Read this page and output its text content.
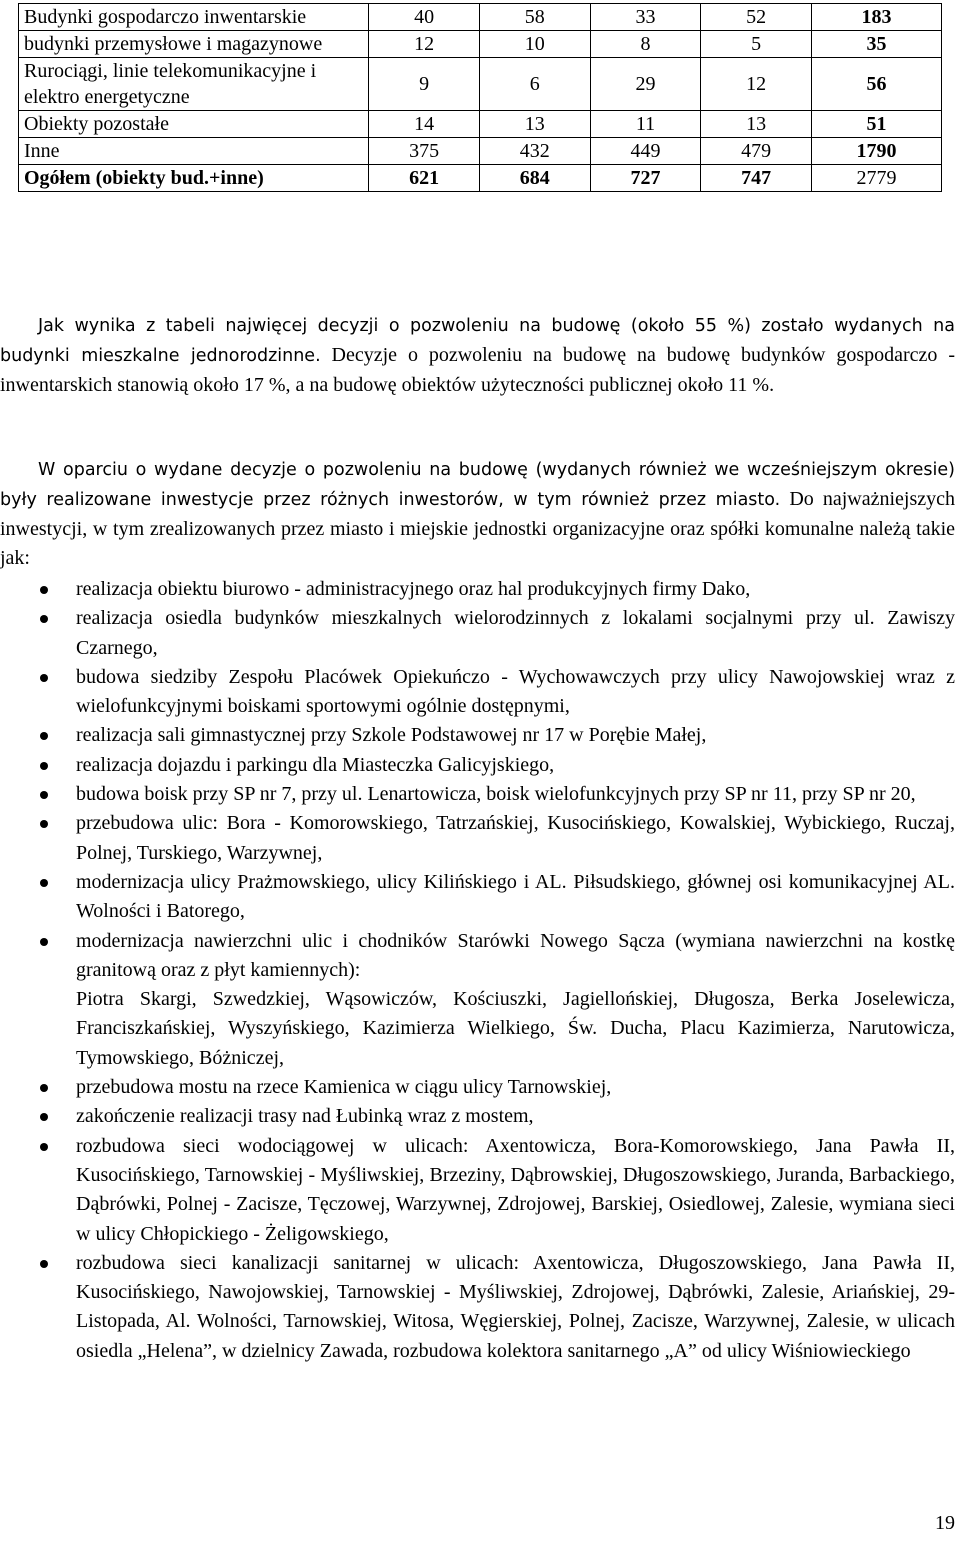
Budynki gospodarczo inwentarskie	40	58	33	52	183
budynki przemysłowe i magazynowe	12	10	8	5	35
Rurociągi, linie telekomunikacyjne i elektro energetyczne	9	6	29	12	56
Obiekty pozostałe	14	13	11	13	51
Inne	375	432	449	479	1790
Ogółem (obiekty bud.+inne)	621	684	727	747	2779

Jak wynika z tabeli najwięcej decyzji o pozwoleniu na budowę (około 55 %) zostało wydanych na budynki mieszkalne jednorodzinne. Decyzje o pozwoleniu na budowę na budowę budynków gospodarczo - inwentarskich stanowią około 17 %, a na budowę obiektów użyteczności publicznej około 11 %.

W oparciu o wydane decyzje o pozwoleniu na budowę (wydanych również we wcześniejszym okresie) były realizowane inwestycje przez różnych inwestorów, w tym również przez miasto. Do najważniejszych inwestycji, w tym zrealizowanych przez miasto i miejskie jednostki organizacyjne oraz spółki komunalne należą takie jak:

realizacja obiektu biurowo - administracyjnego oraz hal produkcyjnych firmy Dako,
realizacja osiedla budynków mieszkalnych wielorodzinnych z lokalami socjalnymi przy ul. Zawiszy Czarnego,
budowa siedziby Zespołu Placówek Opiekuńczo - Wychowawczych przy ulicy Nawojowskiej wraz z wielofunkcyjnymi boiskami sportowymi ogólnie dostępnymi,
realizacja sali gimnastycznej przy Szkole Podstawowej nr 17 w Porębie Małej,
realizacja dojazdu i parkingu dla Miasteczka Galicyjskiego,
budowa boisk przy SP nr 7, przy ul. Lenartowicza, boisk wielofunkcyjnych przy SP nr 11, przy SP nr 20,
przebudowa ulic: Bora - Komorowskiego, Tatrzańskiej, Kusocińskiego, Kowalskiej, Wybickiego, Ruczaj, Polnej, Turskiego, Warzywnej,
modernizacja ulicy Prażmowskiego, ulicy Kilińskiego i AL. Piłsudskiego, głównej osi komunikacyjnej AL. Wolności i Batorego,
modernizacja nawierzchni ulic i chodników Starówki Nowego Sącza (wymiana nawierzchni na kostkę granitową oraz z płyt kamiennych):
Piotra Skargi, Szwedzkiej, Wąsowiczów, Kościuszki, Jagiellońskiej, Długosza, Berka Joselewicza, Franciszkańskiej, Wyszyńskiego, Kazimierza Wielkiego, Św. Ducha, Placu Kazimierza, Narutowicza, Tymowskiego, Bóżniczej,
przebudowa mostu na rzece Kamienica w ciągu ulicy Tarnowskiej,
zakończenie realizacji trasy nad Łubinką wraz z mostem,
rozbudowa sieci wodociągowej w ulicach: Axentowicza, Bora-Komorowskiego, Jana Pawła II, Kusocińskiego, Tarnowskiej - Myśliwskiej, Brzeziny, Dąbrowskiej, Długoszowskiego, Juranda, Barbackiego, Dąbrówki, Polnej - Zacisze, Tęczowej, Warzywnej, Zdrojowej, Barskiej, Osiedlowej, Zalesie, wymiana sieci w ulicy Chłopickiego - Żeligowskiego,
rozbudowa sieci kanalizacji sanitarnej w ulicach: Axentowicza, Długoszowskiego, Jana Pawła II, Kusocińskiego, Nawojowskiej, Tarnowskiej - Myśliwskiej, Zdrojowej, Dąbrówki, Zalesie, Ariańskiej, 29-Listopada, Al. Wolności, Tarnowskiej, Witosa, Węgierskiej, Polnej, Zacisze, Warzywnej, Zalesie, w ulicach osiedla „Helena”, w dzielnicy Zawada, rozbudowa kolektora sanitarnego „A” od ulicy Wiśniowieckiego
19
